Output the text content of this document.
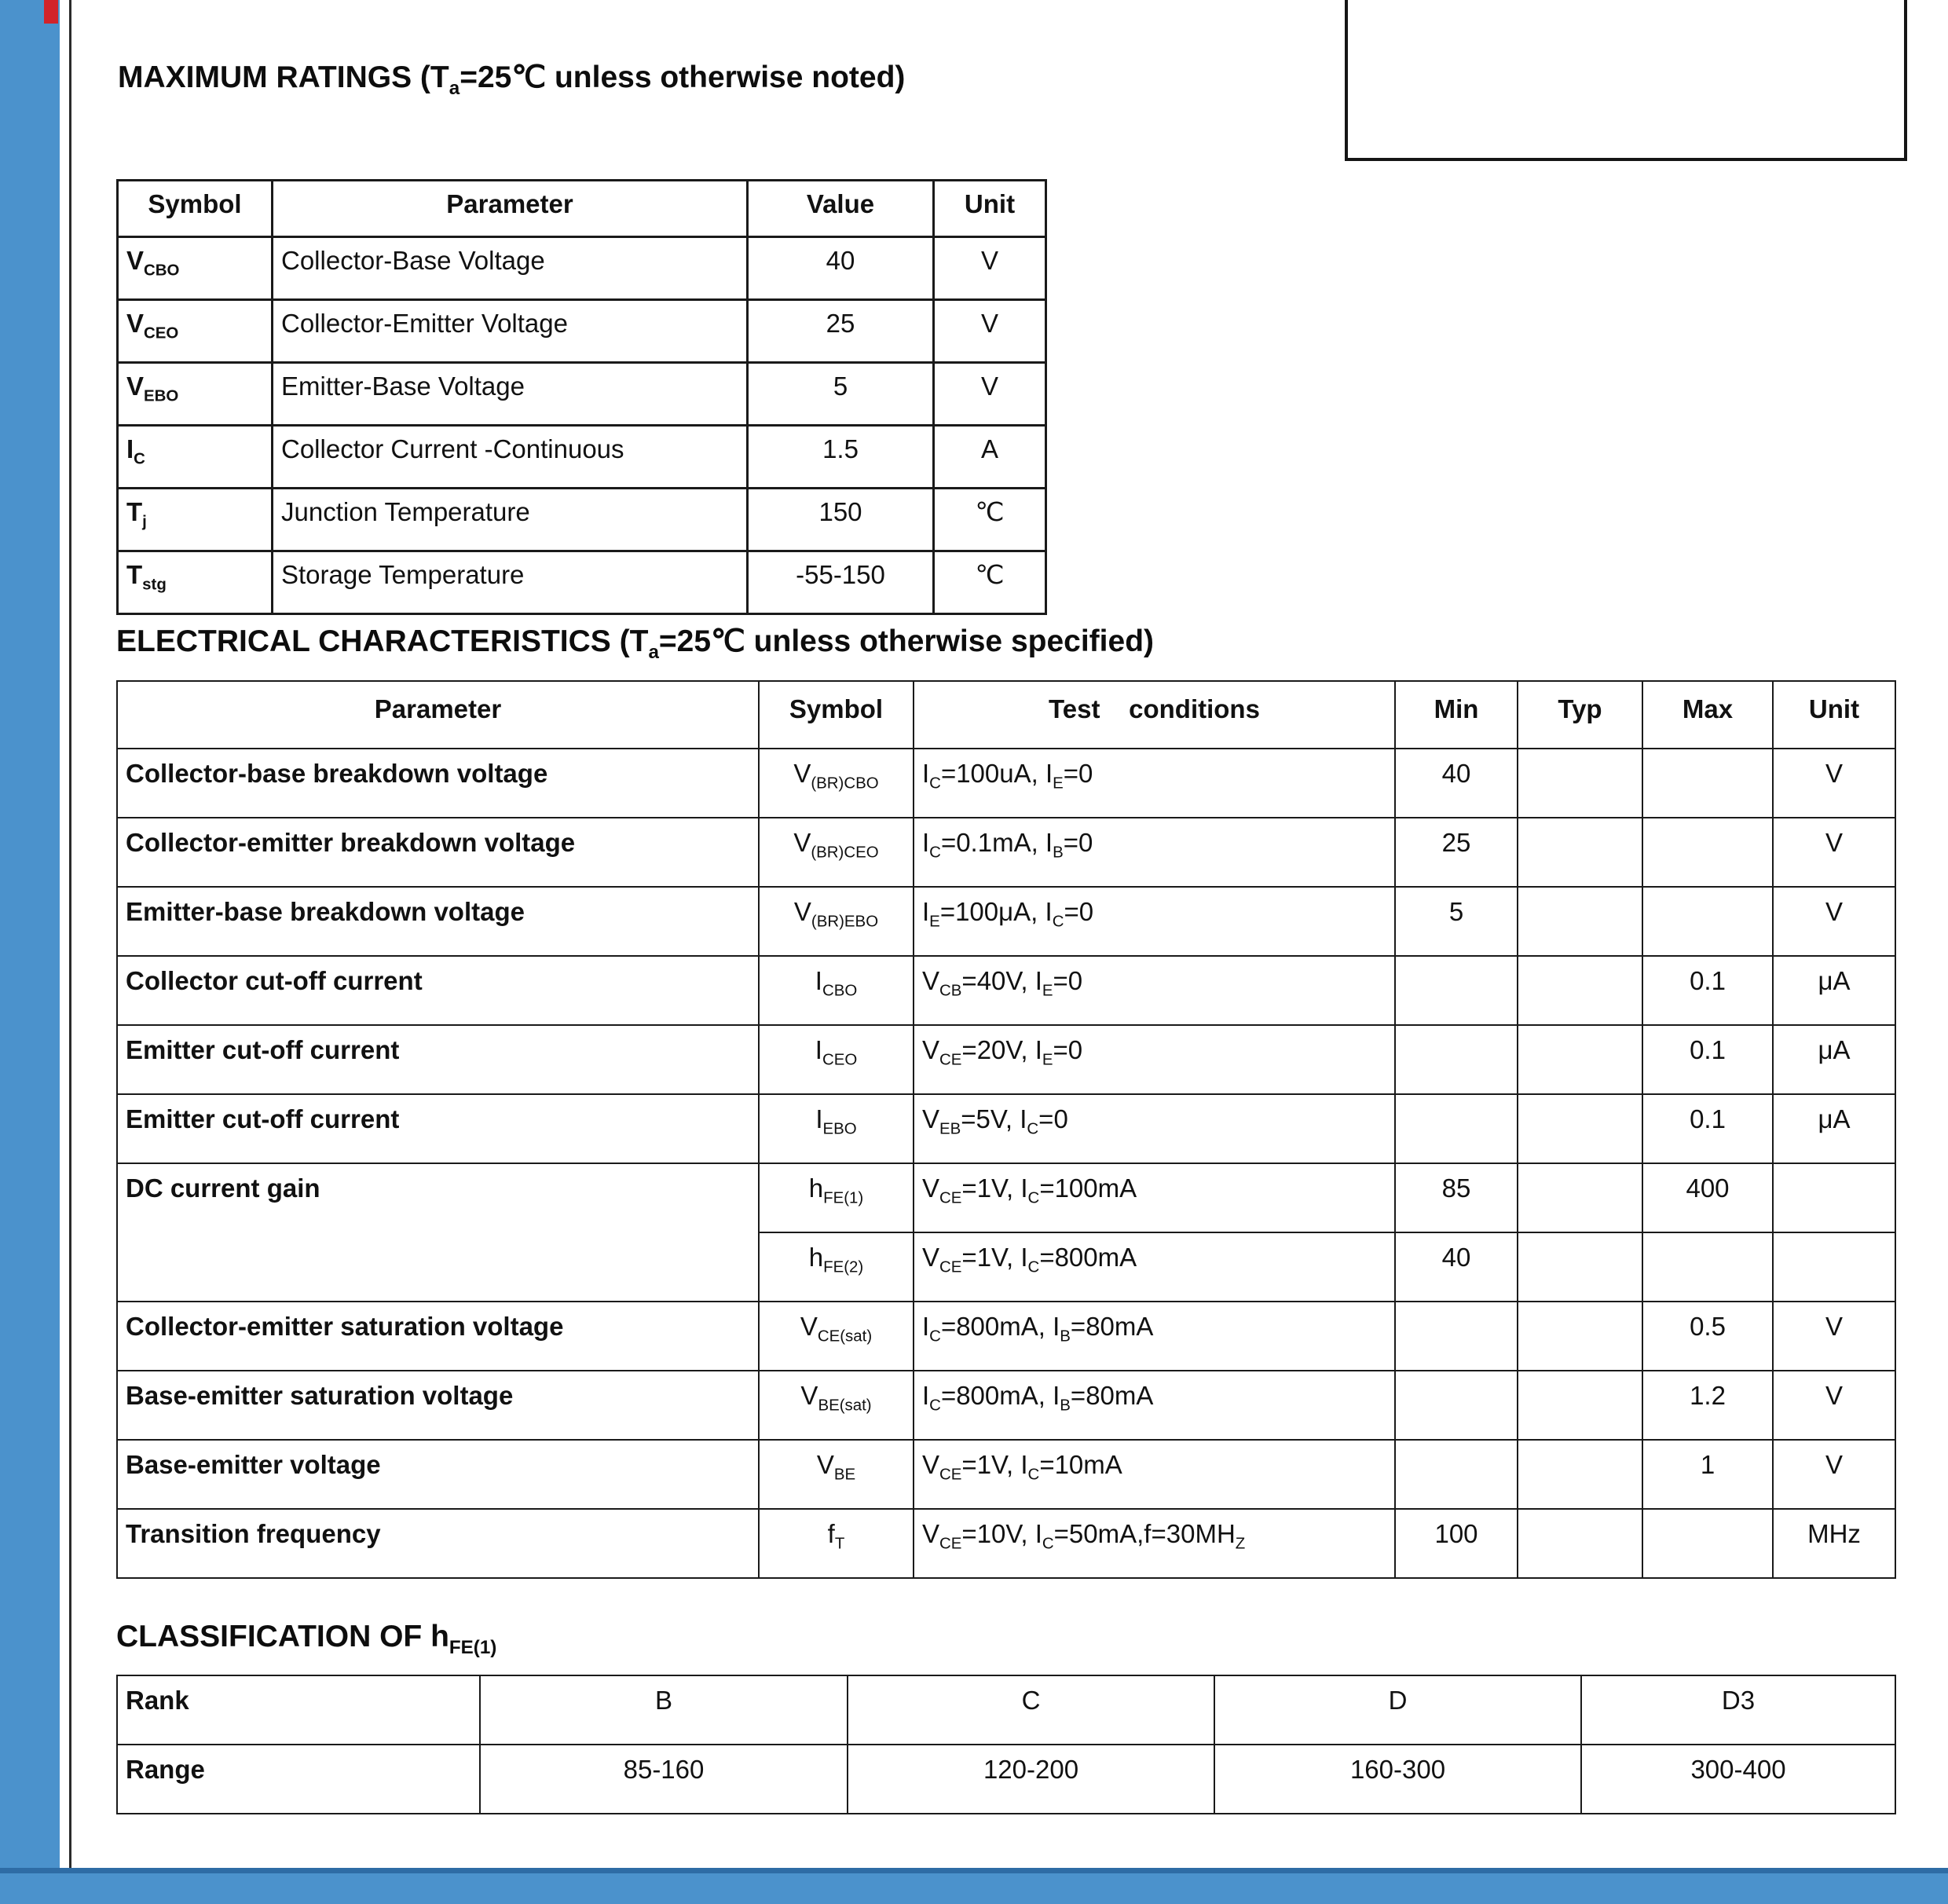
MAXIMUM RATINGS ($T_a=25℃$ unless otherwise noted)
Symbol	Parameter	Value	Unit
$V_{CBO}$	Collector-Base Voltage	40	V
$V_{CEO}$	Collector-Emitter Voltage	25	V
$V_{EBO}$	Emitter-Base Voltage	5	V
$I_C$	Collector Current -Continuous	1.5	A
$T_j$	Junction Temperature	150	℃
$T_{stg}$	Storage Temperature	-55-150	℃
ELECTRICAL CHARACTERISTICS ($T_a=25℃$ unless otherwise specified)
Parameter	Symbol	Test    conditions	Min	Typ	Max	Unit
Collector-base breakdown voltage	$V_{(BR)CBO}$	$I_C=100uA$, $I_E=0$	40			V
Collector-emitter breakdown voltage	$V_{(BR)CEO}$	$I_C=0.1mA$, $I_B=0$	25			V
Emitter-base breakdown voltage	$V_{(BR)EBO}$	$I_E=100\mu A$, $I_C=0$	5			V
Collector cut-off current	$I_{CBO}$	$V_{CB}=40V$, $I_E=0$			0.1	μA
Emitter cut-off current	$I_{CEO}$	$V_{CE}=20V$, $I_E=0$			0.1	μA
Emitter cut-off current	$I_{EBO}$	$V_{EB}=5V$, $I_C=0$			0.1	μA
DC current gain	$h_{FE(1)}$	$V_{CE}=1V$, $I_C=100mA$	85		400	
	$h_{FE(2)}$	$V_{CE}=1V$, $I_C=800mA$	40			
Collector-emitter saturation voltage	$V_{CE(sat)}$	$I_C=800mA$, $I_B=80mA$			0.5	V
Base-emitter saturation voltage	$V_{BE(sat)}$	$I_C=800mA$, $I_B=80mA$			1.2	V
Base-emitter voltage	$V_{BE}$	$V_{CE}=1V$, $I_C=10mA$			1	V
Transition frequency	$f_T$	$V_{CE}=10V$, $I_C=50mA,f=30MH_Z$	100			MHz
CLASSIFICATION OF $h_{FE(1)}$
Rank	B	C	D	D3
Range	85-160	120-200	160-300	300-400
